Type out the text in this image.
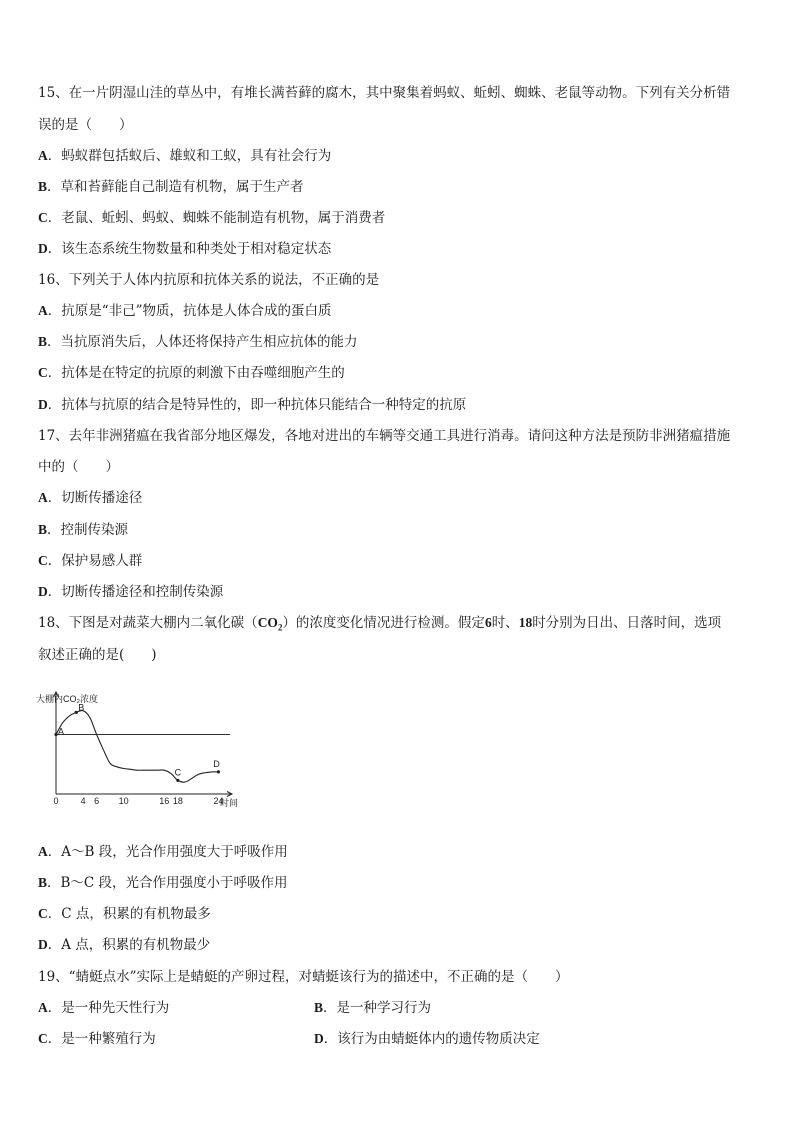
15、在一片阴湿山洼的草丛中，有堆长满苔藓的腐木，其中聚集着蚂蚁、蚯蚓、蜘蛛、老鼠等动物。下列有关分析错
误的是（　　）
A．蚂蚁群包括蚁后、雄蚁和工蚁，具有社会行为
B．草和苔藓能自己制造有机物，属于生产者
C．老鼠、蚯蚓、蚂蚁、蜘蛛不能制造有机物，属于消费者
D．该生态系统生物数量和种类处于相对稳定状态
16、下列关于人体内抗原和抗体关系的说法，不正确的是
A．抗原是“非己”物质，抗体是人体合成的蛋白质
B．当抗原消失后，人体还将保持产生相应抗体的能力
C．抗体是在特定的抗原的刺激下由吞噬细胞产生的
D．抗体与抗原的结合是特异性的，即一种抗体只能结合一种特定的抗原
17、去年非洲猪瘟在我省部分地区爆发，各地对进出的车辆等交通工具进行消毒。请问这种方法是预防非洲猪瘟措施
中的（　　）
A．切断传播途径
B．控制传染源
C．保护易感人群
D．切断传播途径和控制传染源
18、下图是对蔬菜大棚内二氧化碳$(CO_2)$的浓度变化情况进行检测。假定6时、18时分别为日出、日落时间，选项
叙述正确的是(　　)
大棚内CO₂浓度
0 4 6 10	16 18	24
A
B
C
D
时间
A．A～B 段，光合作用强度大于呼吸作用
B．B～C 段，光合作用强度小于呼吸作用
C．C 点，积累的有机物最多
D．A 点，积累的有机物最少
19、“蜻蜓点水”实际上是蜻蜓的产卵过程，对蜻蜓该行为的描述中，不正确的是（　　）
A．是一种先天性行为	B．是一种学习行为
C．是一种繁殖行为	D．该行为由蜻蜓体内的遗传物质决定
